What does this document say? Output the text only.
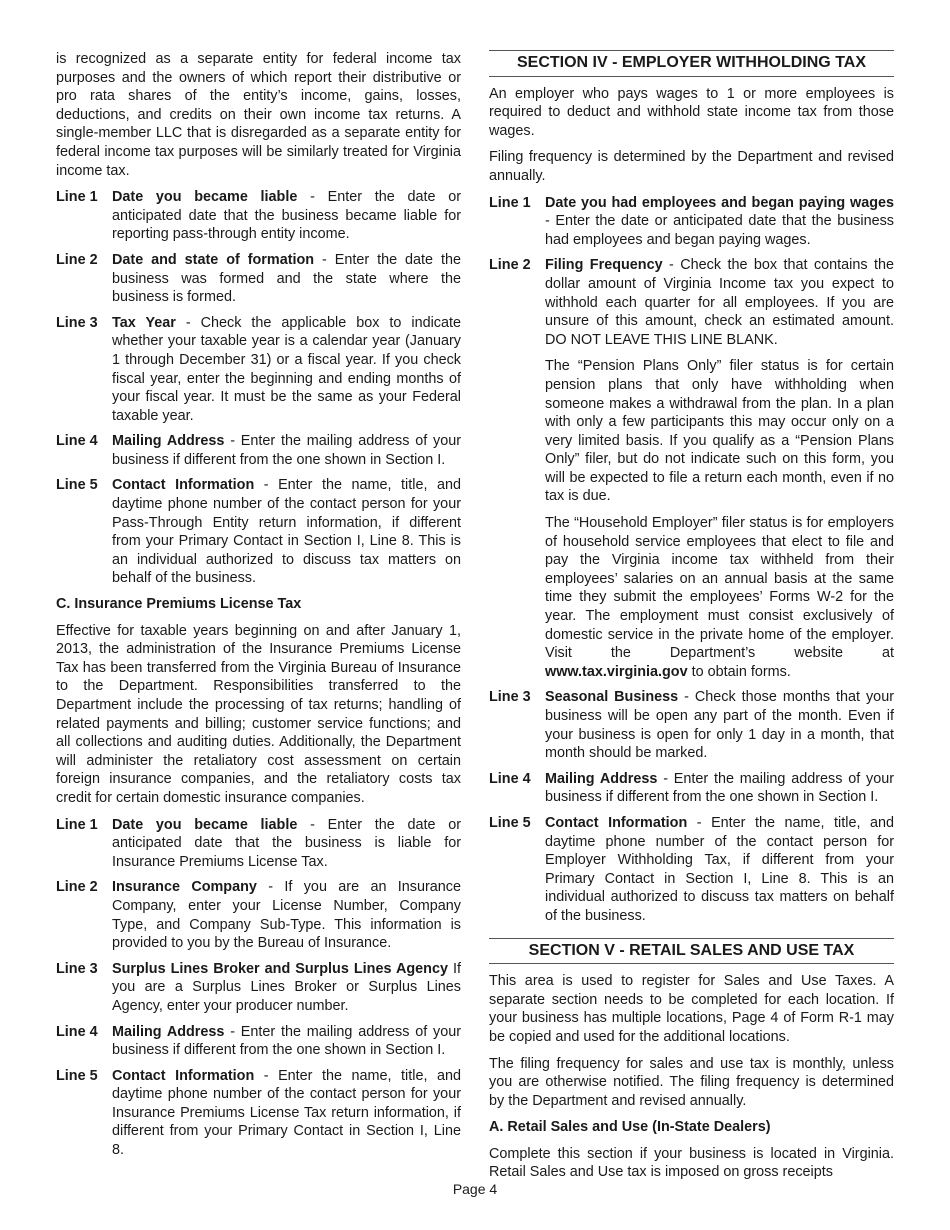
is recognized as a separate entity for federal income tax purposes and the owners of which report their distributive or pro rata shares of the entity’s income, gains, losses, deductions, and credits on their own income tax returns. A single-member LLC that is disregarded as a separate entity for federal income tax purposes will be similarly treated for Virginia income tax.

Line 1	Date you became liable - Enter the date or anticipated date that the business became liable for reporting pass-through entity income.
Line 2	Date and state of formation - Enter the date the business was formed and the state where the business is formed.
Line 3	Tax Year - Check the applicable box to indicate whether your taxable year is a calendar year (January 1 through December 31) or a fiscal year. If you check fiscal year, enter the beginning and ending months of your fiscal year. It must be the same as your Federal taxable year.
Line 4	Mailing Address - Enter the mailing address of your business if different from the one shown in Section I.
Line 5	Contact Information - Enter the name, title, and daytime phone number of the contact person for your Pass-Through Entity return information, if different from your Primary Contact in Section I, Line 8. This is an individual authorized to discuss tax matters on behalf of the business.
C. Insurance Premiums License Tax

Effective for taxable years beginning on and after January 1, 2013, the administration of the Insurance Premiums License Tax has been transferred from the Virginia Bureau of Insurance to the Department. Responsibilities transferred to the Department include the processing of tax returns; handling of related payments and billing; customer service functions; and all collections and auditing duties. Additionally, the Department will administer the retaliatory cost assessment on certain foreign insurance companies, and the retaliatory costs tax credit for certain domestic insurance companies.

Line 1	Date you became liable - Enter the date or anticipated date that the business is liable for Insurance Premiums License Tax.
Line 2	Insurance Company - If you are an Insurance Company, enter your License Number, Company Type, and Company Sub-Type. This information is provided to you by the Bureau of Insurance.
Line 3	Surplus Lines Broker and Surplus Lines Agency If you are a Surplus Lines Broker or Surplus Lines Agency, enter your producer number.
Line 4	Mailing Address - Enter the mailing address of your business if different from the one shown in Section I.
Line 5	Contact Information - Enter the name, title, and daytime phone number of the contact person for your Insurance Premiums License Tax return information, if different from your Primary Contact in Section I, Line 8.
SECTION IV - EMPLOYER WITHHOLDING TAX

An employer who pays wages to 1 or more employees is required to deduct and withhold state income tax from those wages.

Filing frequency is determined by the Department and revised annually.

Line 1	Date you had employees and began paying wages - Enter the date or anticipated date that the business had employees and began paying wages.
Line 2	Filing Frequency - Check the box that contains the dollar amount of Virginia Income tax you expect to withhold each quarter for all employees. If you are unsure of this amount, check an estimated amount. DO NOT LEAVE THIS LINE BLANK.

The “Pension Plans Only” filer status is for certain pension plans that only have withholding when someone makes a withdrawal from the plan. In a plan with only a few participants this may occur only on a very limited basis. If you qualify as a “Pension Plans Only” filer, but do not indicate such on this form, you will be expected to file a return each month, even if no tax is due.

The “Household Employer” filer status is for employers of household service employees that elect to file and pay the Virginia income tax withheld from their employees’ salaries on an annual basis at the same time they submit the employees’ Forms W-2 for the year. The employment must consist exclusively of domestic service in the private home of the employer. Visit the Department’s website at www.tax.virginia.gov to obtain forms.

Line 3	Seasonal Business - Check those months that your business will be open any part of the month. Even if your business is open for only 1 day in a month, that month should be marked.
Line 4	Mailing Address - Enter the mailing address of your business if different from the one shown in Section I.
Line 5	Contact Information - Enter the name, title, and daytime phone number of the contact person for Employer Withholding Tax, if different from your Primary Contact in Section I, Line 8. This is an individual authorized to discuss tax matters on behalf of the business.
SECTION V - RETAIL SALES AND USE TAX

This area is used to register for Sales and Use Taxes. A separate section needs to be completed for each location. If your business has multiple locations, Page 4 of Form R-1 may be copied and used for the additional locations.

The filing frequency for sales and use tax is monthly, unless you are otherwise notified. The filing frequency is determined by the Department and revised annually.

A. Retail Sales and Use (In-State Dealers)

Complete this section if your business is located in Virginia. Retail Sales and Use tax is imposed on gross receipts

Page 4
